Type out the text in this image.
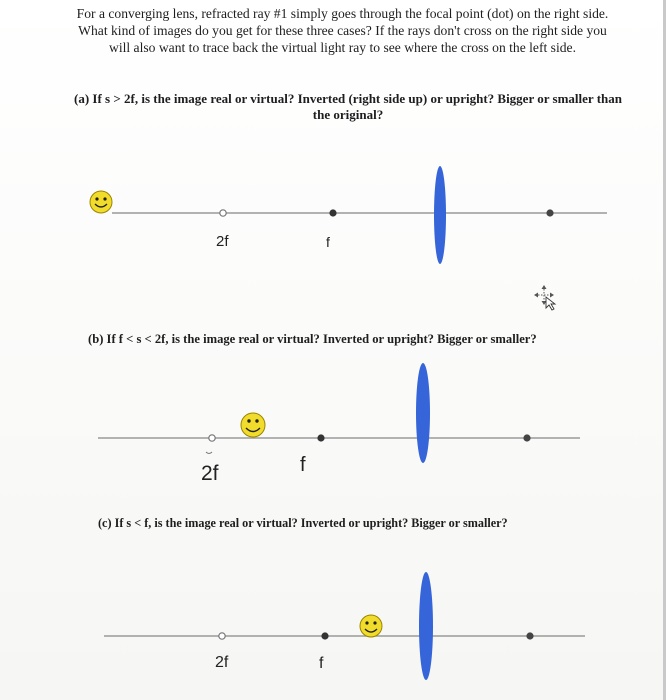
For a converging lens, refracted ray #1 simply goes through the focal point (dot) on the right side. What kind of images do you get for these three cases? If the rays don't cross on the right side you will also want to trace back the virtual light ray to see where the cross on the left side.
(a) If s > 2f, is the image real or virtual? Inverted (right side up) or upright? Bigger or smaller than the original?
2f	f
(b) If f < s < 2f, is the image real or virtual? Inverted or upright? Bigger or smaller?
2f	f
(c) If s < f, is the image real or virtual? Inverted or upright? Bigger or smaller?
2f	f
